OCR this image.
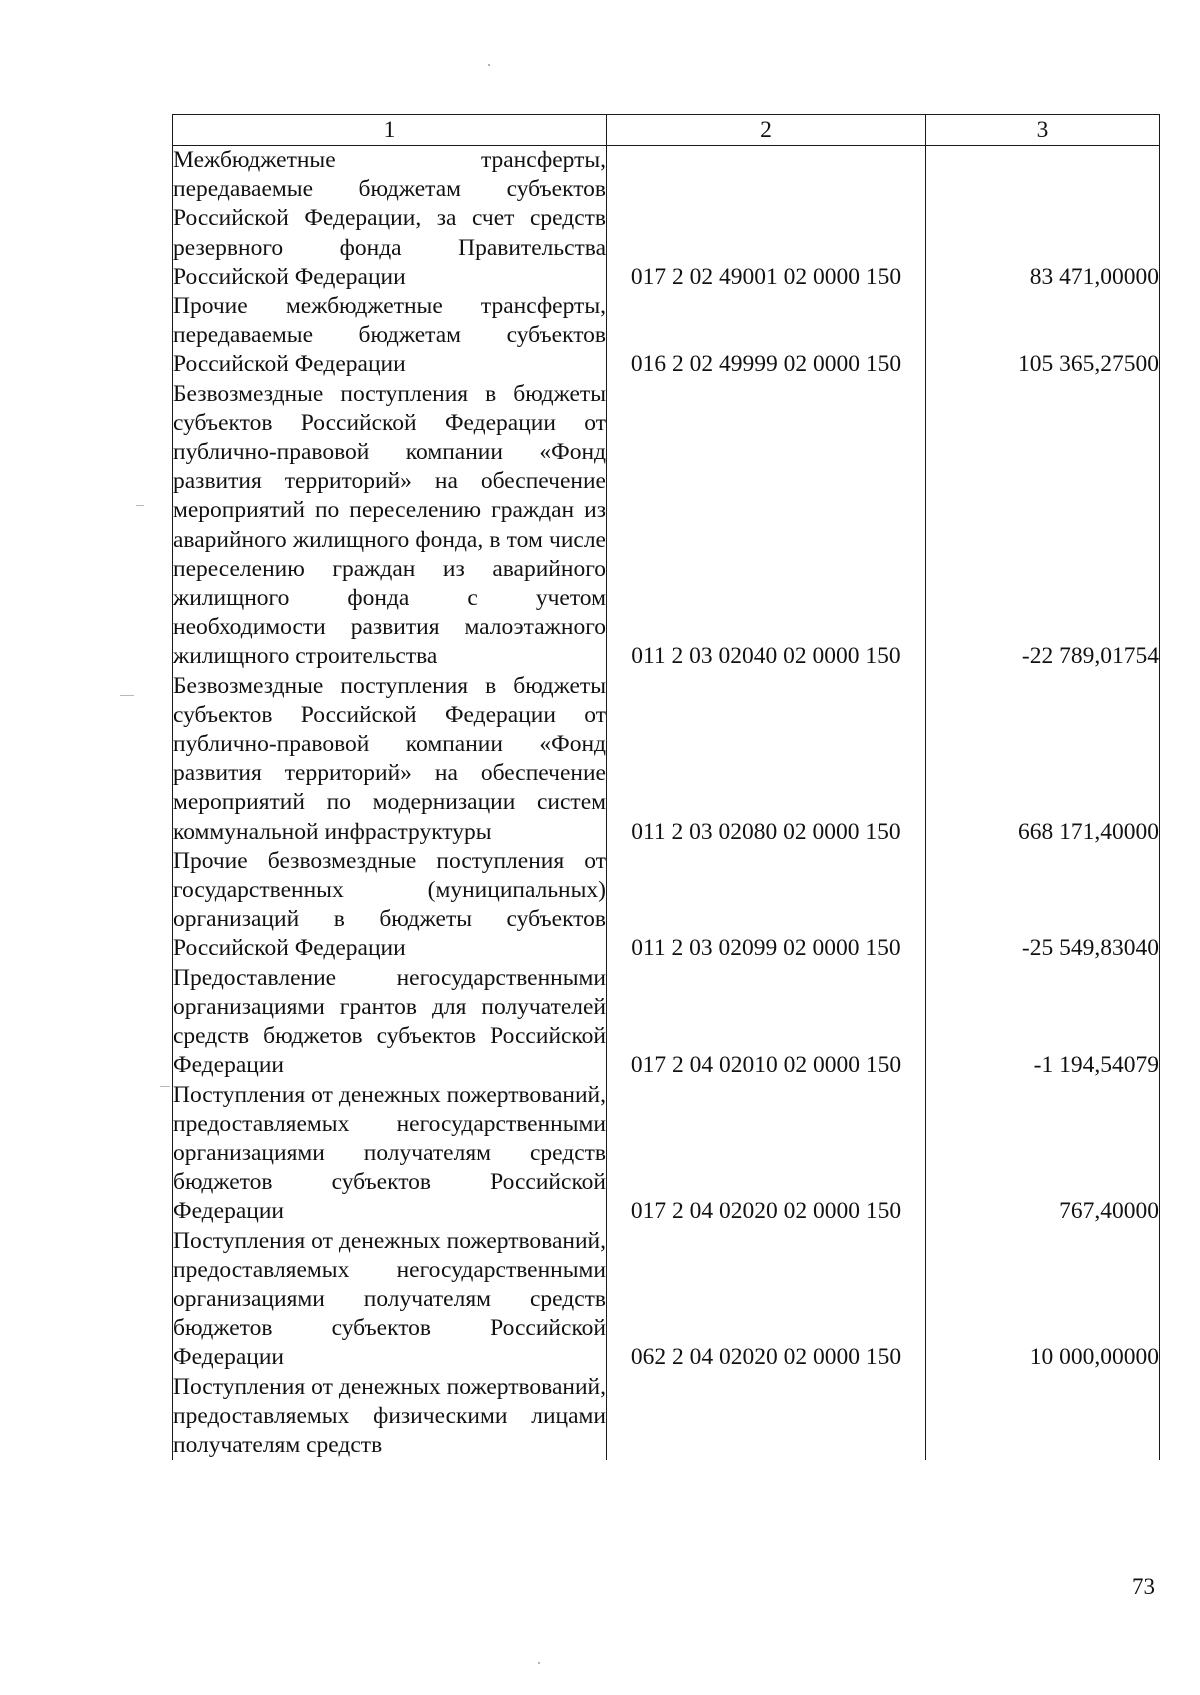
1	2	3
Межбюджетные трансферты, передаваемые бюджетам субъектов Российской Федерации, за счет средств резервного фонда Правительства Российской Федерации	017 2 02 49001 02 0000 150	83 471,00000
Прочие межбюджетные трансферты, передаваемые бюджетам субъектов Российской Федерации	016 2 02 49999 02 0000 150	105 365,27500
Безвозмездные поступления в бюджеты субъектов Российской Федерации от публично-правовой компании «Фонд развития территорий» на обеспечение мероприятий по переселению граждан из аварийного жилищного фонда, в том числе переселению граждан из аварийного жилищного фонда с учетом необходимости развития малоэтажного жилищного строительства	011 2 03 02040 02 0000 150	-22 789,01754
Безвозмездные поступления в бюджеты субъектов Российской Федерации от публично-правовой компании «Фонд развития территорий» на обеспечение мероприятий по модернизации систем коммунальной инфраструктуры	011 2 03 02080 02 0000 150	668 171,40000
Прочие безвозмездные поступления от государственных (муниципальных) организаций в бюджеты субъектов Российской Федерации	011 2 03 02099 02 0000 150	-25 549,83040
Предоставление негосударственными организациями грантов для получателей средств бюджетов субъектов Российской Федерации	017 2 04 02010 02 0000 150	-1 194,54079
Поступления от денежных пожертвований, предоставляемых негосударственными организациями получателям средств бюджетов субъектов Российской Федерации	017 2 04 02020 02 0000 150	767,40000
Поступления от денежных пожертвований, предоставляемых негосударственными организациями получателям средств бюджетов субъектов Российской Федерации	062 2 04 02020 02 0000 150	10 000,00000
Поступления от денежных пожертвований, предоставляемых физическими лицами получателям средств		
73
